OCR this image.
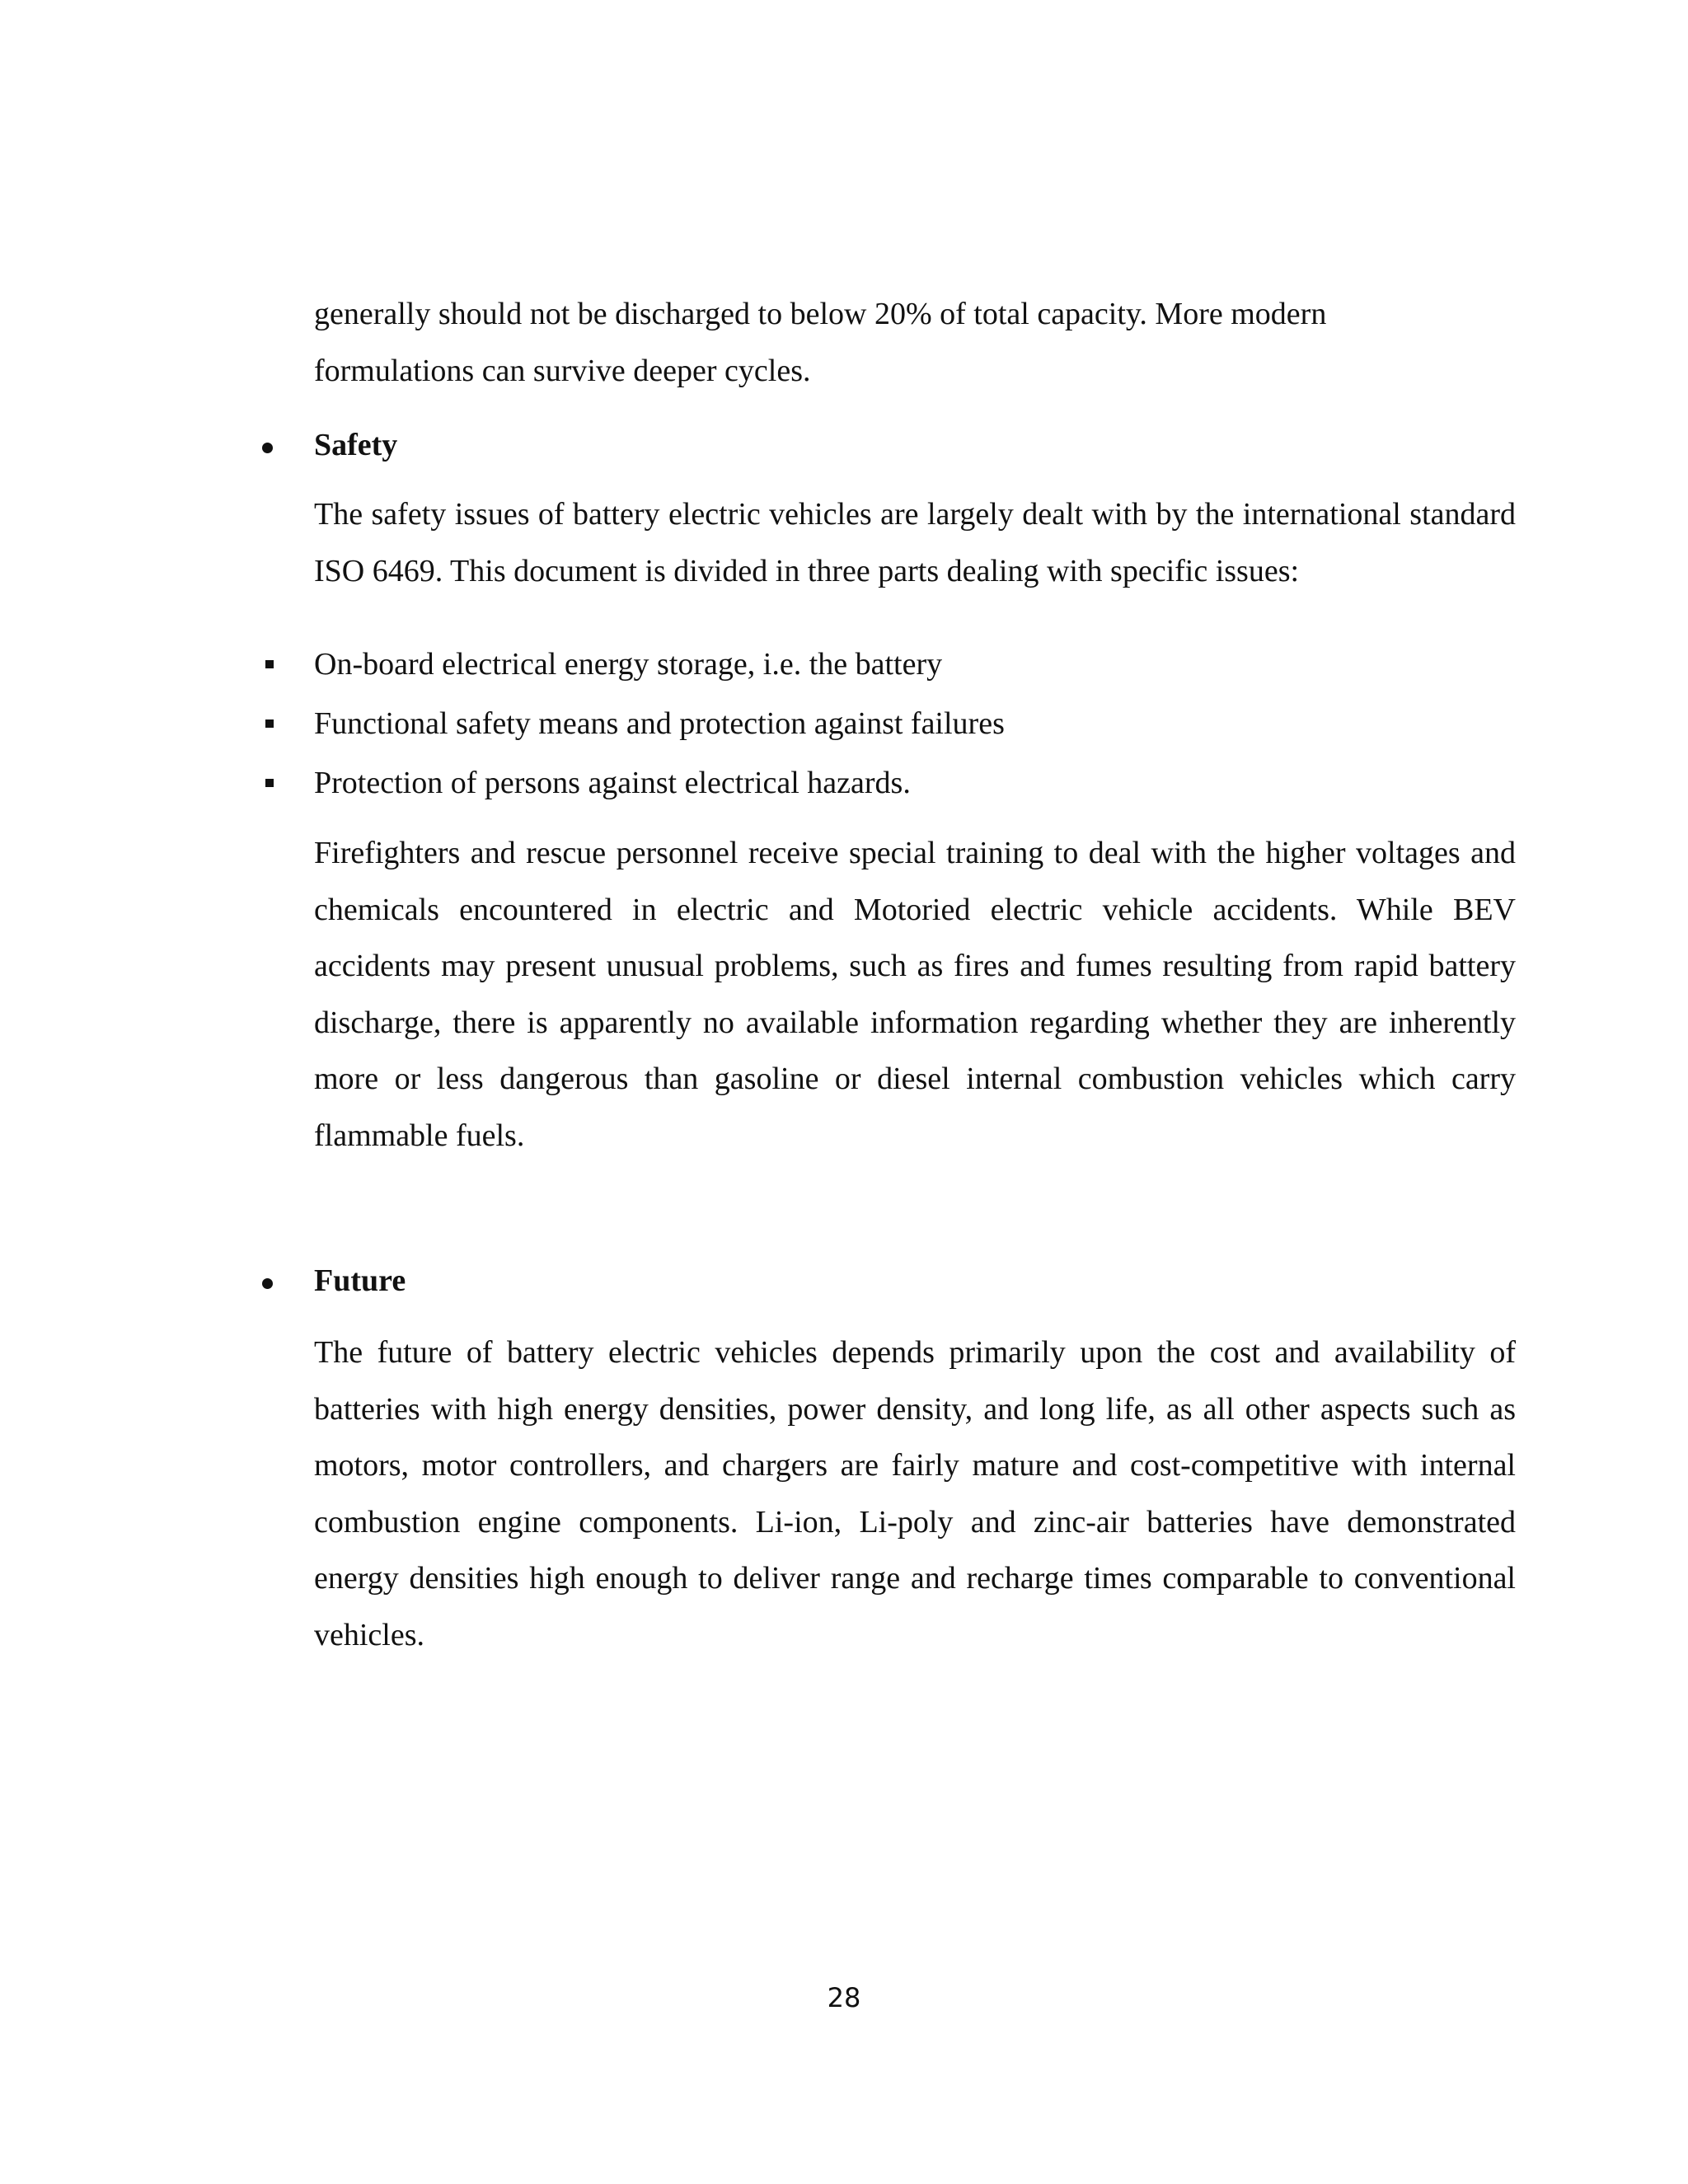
generally should not be discharged to below 20% of total capacity. More modern formulations can survive deeper cycles.
Safety
The safety issues of battery electric vehicles are largely dealt with by the international standard ISO 6469. This document is divided in three parts dealing with specific issues:
On-board electrical energy storage, i.e. the battery
Functional safety means and protection against failures
Protection of persons against electrical hazards.
Firefighters and rescue personnel receive special training to deal with the higher voltages and chemicals encountered in electric and Motoried electric vehicle accidents. While BEV accidents may present unusual problems, such as fires and fumes resulting from rapid battery discharge, there is apparently no available information regarding whether they are inherently more or less dangerous than gasoline or diesel internal combustion vehicles which carry flammable fuels.
Future
The future of battery electric vehicles depends primarily upon the cost and availability of batteries with high energy densities, power density, and long life, as all other aspects such as motors, motor controllers, and chargers are fairly mature and cost-competitive with internal combustion engine components. Li-ion, Li-poly and zinc-air batteries have demonstrated energy densities high enough to deliver range and recharge times comparable to conventional vehicles.
28
